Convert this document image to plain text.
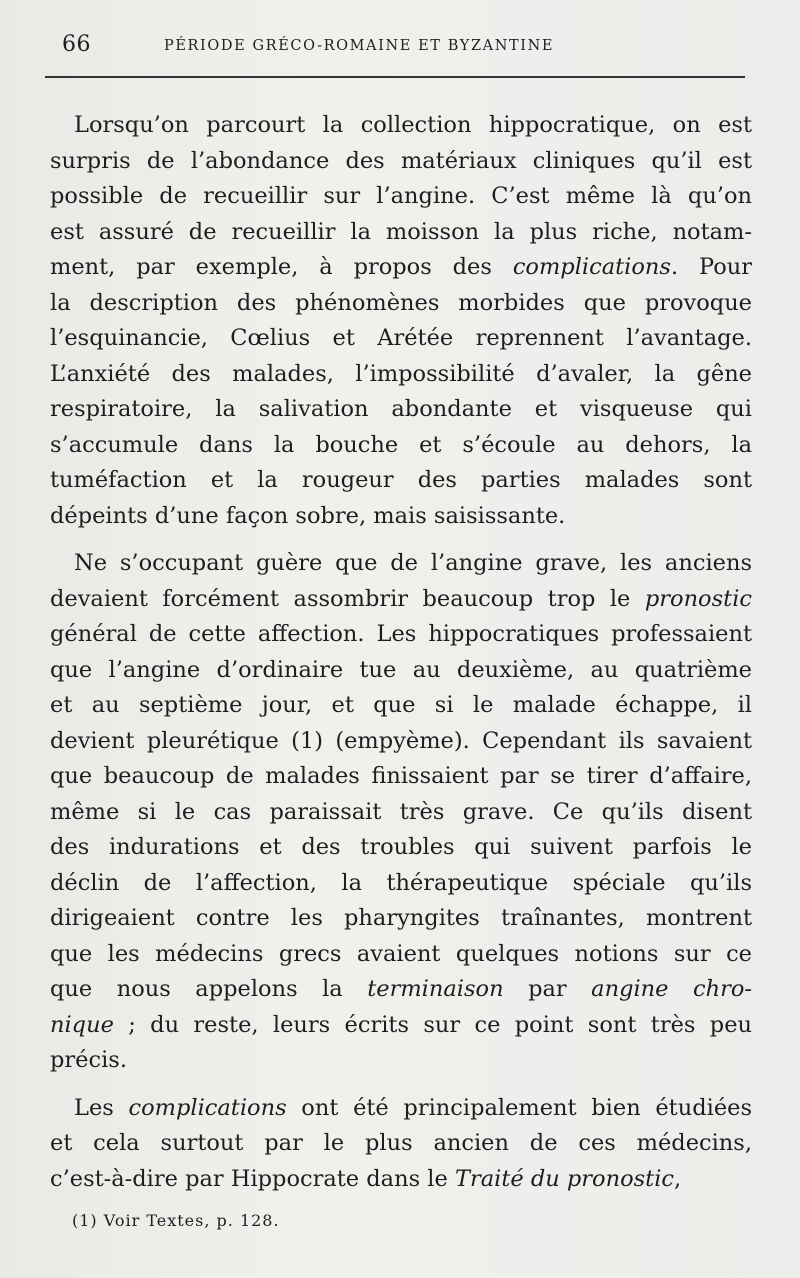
66	PÉRIODE GRÉCO-ROMAINE ET BYZANTINE
Lorsqu’on parcourt la collection hippocratique, on est
surpris de l’abondance des matériaux cliniques qu’il est
possible de recueillir sur l’angine. C’est même là qu’on
est assuré de recueillir la moisson la plus riche, notam-
ment, par exemple, à propos des complications. Pour
la description des phénomènes morbides que provoque
l’esquinancie, Cœlius et Arétée reprennent l’avantage.
L’anxiété des malades, l’impossibilité d’avaler, la gêne
respiratoire, la salivation abondante et visqueuse qui
s’accumule dans la bouche et s’écoule au dehors, la
tuméfaction et la rougeur des parties malades sont
dépeints d’une façon sobre, mais saisissante.
Ne s’occupant guère que de l’angine grave, les anciens
devaient forcément assombrir beaucoup trop le pronostic
général de cette affection. Les hippocratiques professaient
que l’angine d’ordinaire tue au deuxième, au quatrième
et au septième jour, et que si le malade échappe, il
devient pleurétique (1) (empyème). Cependant ils savaient
que beaucoup de malades finissaient par se tirer d’affaire,
même si le cas paraissait très grave. Ce qu’ils disent
des indurations et des troubles qui suivent parfois le
déclin de l’affection, la thérapeutique spéciale qu’ils
dirigeaient contre les pharyngites traînantes, montrent
que les médecins grecs avaient quelques notions sur ce
que nous appelons la terminaison par angine chro-
nique ; du reste, leurs écrits sur ce point sont très peu
précis.
Les complications ont été principalement bien étudiées
et cela surtout par le plus ancien de ces médecins,
c’est-à-dire par Hippocrate dans le Traité du pronostic,
(1) Voir Textes, p. 128.
